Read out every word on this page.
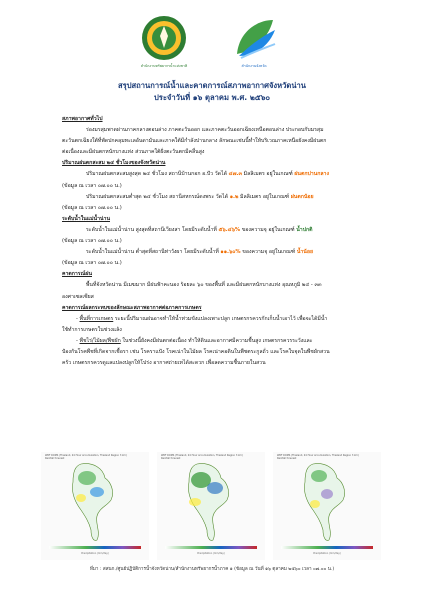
สำนักงานทรัพยากรน้ำแห่งชาติ	สำนักงานจังหวัด
สรุปสถานการณ์น้ำและคาดการณ์สภาพอากาศจังหวัดน่าน
ประจำวันที่ ๑๖ ตุลาคม พ.ศ. ๒๕๖๐
สภาพอากาศทั่วไป
ร่องมรสุมพาดผ่านภาคกลางตอนล่าง ภาคตะวันออก และภาคตะวันออกเฉียงเหนือตอนล่าง ประกอบกับมรสุม
ตะวันตกเฉียงใต้ที่พัดปกคลุมทะเลอันดามันและภาคใต้มีกำลังปานกลาง ลักษณะเช่นนี้ทำให้บริเวณภาคเหนือยังคงมีฝนตก
ต่อเนื่องและมีฝนตกหนักบางแห่ง ส่วนภาคใต้ฝั่งตะวันตกมีคลื่นสูง
ปริมาณฝนตกสะสม ๒๔ ชั่วโมงของจังหวัดน่าน
ปริมาณฝนตกสะสมสูงสุด ๒๔ ชั่วโมง สถานีบ้านกอก อ.ปัว วัดได้ ๔๗.๓ มิลลิเมตร อยู่ในเกณฑ์ ฝนตกปานกลาง
(ข้อมูล ณ เวลา ๐๗.๐๐ น.)
ปริมาณฝนตกสะสมต่ำสุด ๒๔ ชั่วโมง สถานีสหกรณ์ดงพระ วัดได้ ๑.๒ มิลลิเมตร อยู่ในเกณฑ์ ฝนตกน้อย
(ข้อมูล ณ เวลา ๐๗.๐๐ น.)
ระดับน้ำในแม่น้ำน่าน
ระดับน้ำในแม่น้ำน่าน สูงสุดที่สถานีเวียงสา โดยมีระดับน้ำที่ ๕๖.๔๖% ของความจุ อยู่ในเกณฑ์ น้ำปกติ
(ข้อมูล ณ เวลา ๐๗.๐๐ น.)
ระดับน้ำในแม่น้ำน่าน ต่ำสุดที่สถานีท่าวังผา โดยมีระดับน้ำที่ ๑๑.๖๐% ของความจุ อยู่ในเกณฑ์ น้ำน้อย
(ข้อมูล ณ เวลา ๐๗.๐๐ น.)
คาดการณ์ฝน
พื้นที่จังหวัดน่าน มีเมฆมาก มีฝนฟ้าคะนอง ร้อยละ ๖๐ ของพื้นที่ และมีฝนตกหนักบางแห่ง อุณหภูมิ ๒๔ - ๓๓
องศาเซลเซียส
คาดการณ์ผลกระทบของลักษณะสภาพอากาศต่อภาคการเกษตร
- พื้นที่การเกษตร ระยะนี้ปริมาณฝนอาจทำให้น้ำท่วมขังแปลงเพาะปลูก เกษตรกรควรกักเก็บน้ำเอาไว้ เพื่อจะได้มีน้ำ
ใช้ทำการเกษตรในช่วงแล้ง
- พืชไร่/ไม้ผล/พืชผัก ในช่วงนี้ยังคงมีฝนตกต่อเนื่อง ทำให้ดินและอากาศมีความชื้นสูง เกษตรกรควรระวังและ
ป้องกันโรคพืชที่เกิดจากเชื้อรา เช่น โรคราแป้ง โรคเน่าในไม้ผล โรคเน่าคอดินในพืชตระกูลถั่ว และโรคใบจุดในพืชผักสวน
ครัว เกษตรกรควรดูแลแปลงปลูกให้โปร่ง อากาศถ่ายเทได้สะดวก เพื่อลดความชื้นภายในสวน
WRF ROMS (Thailand, 24 Hour Accumulation, Thailand Region 3 km)
Rainfall forecast
Precipitation (mm/day)
WRF ROMS (Thailand, 24 Hour Accumulation, Thailand Region 3 km)
Rainfall forecast
Precipitation (mm/day)
WRF ROMS (Thailand, 24 Hour Accumulation, Thailand Region 3 km)
Rainfall forecast
Precipitation (mm/day)
ที่มา : สสนก./ศูนย์ปฏิบัติการน้ำจังหวัดน่าน/สำนักงานทรัพยากรน้ำภาค ๑ (ข้อมูล ณ วันที่ ๑๖ ตุลาคม ๒๕๖๐ เวลา ๐๗.๐๐ น.)
